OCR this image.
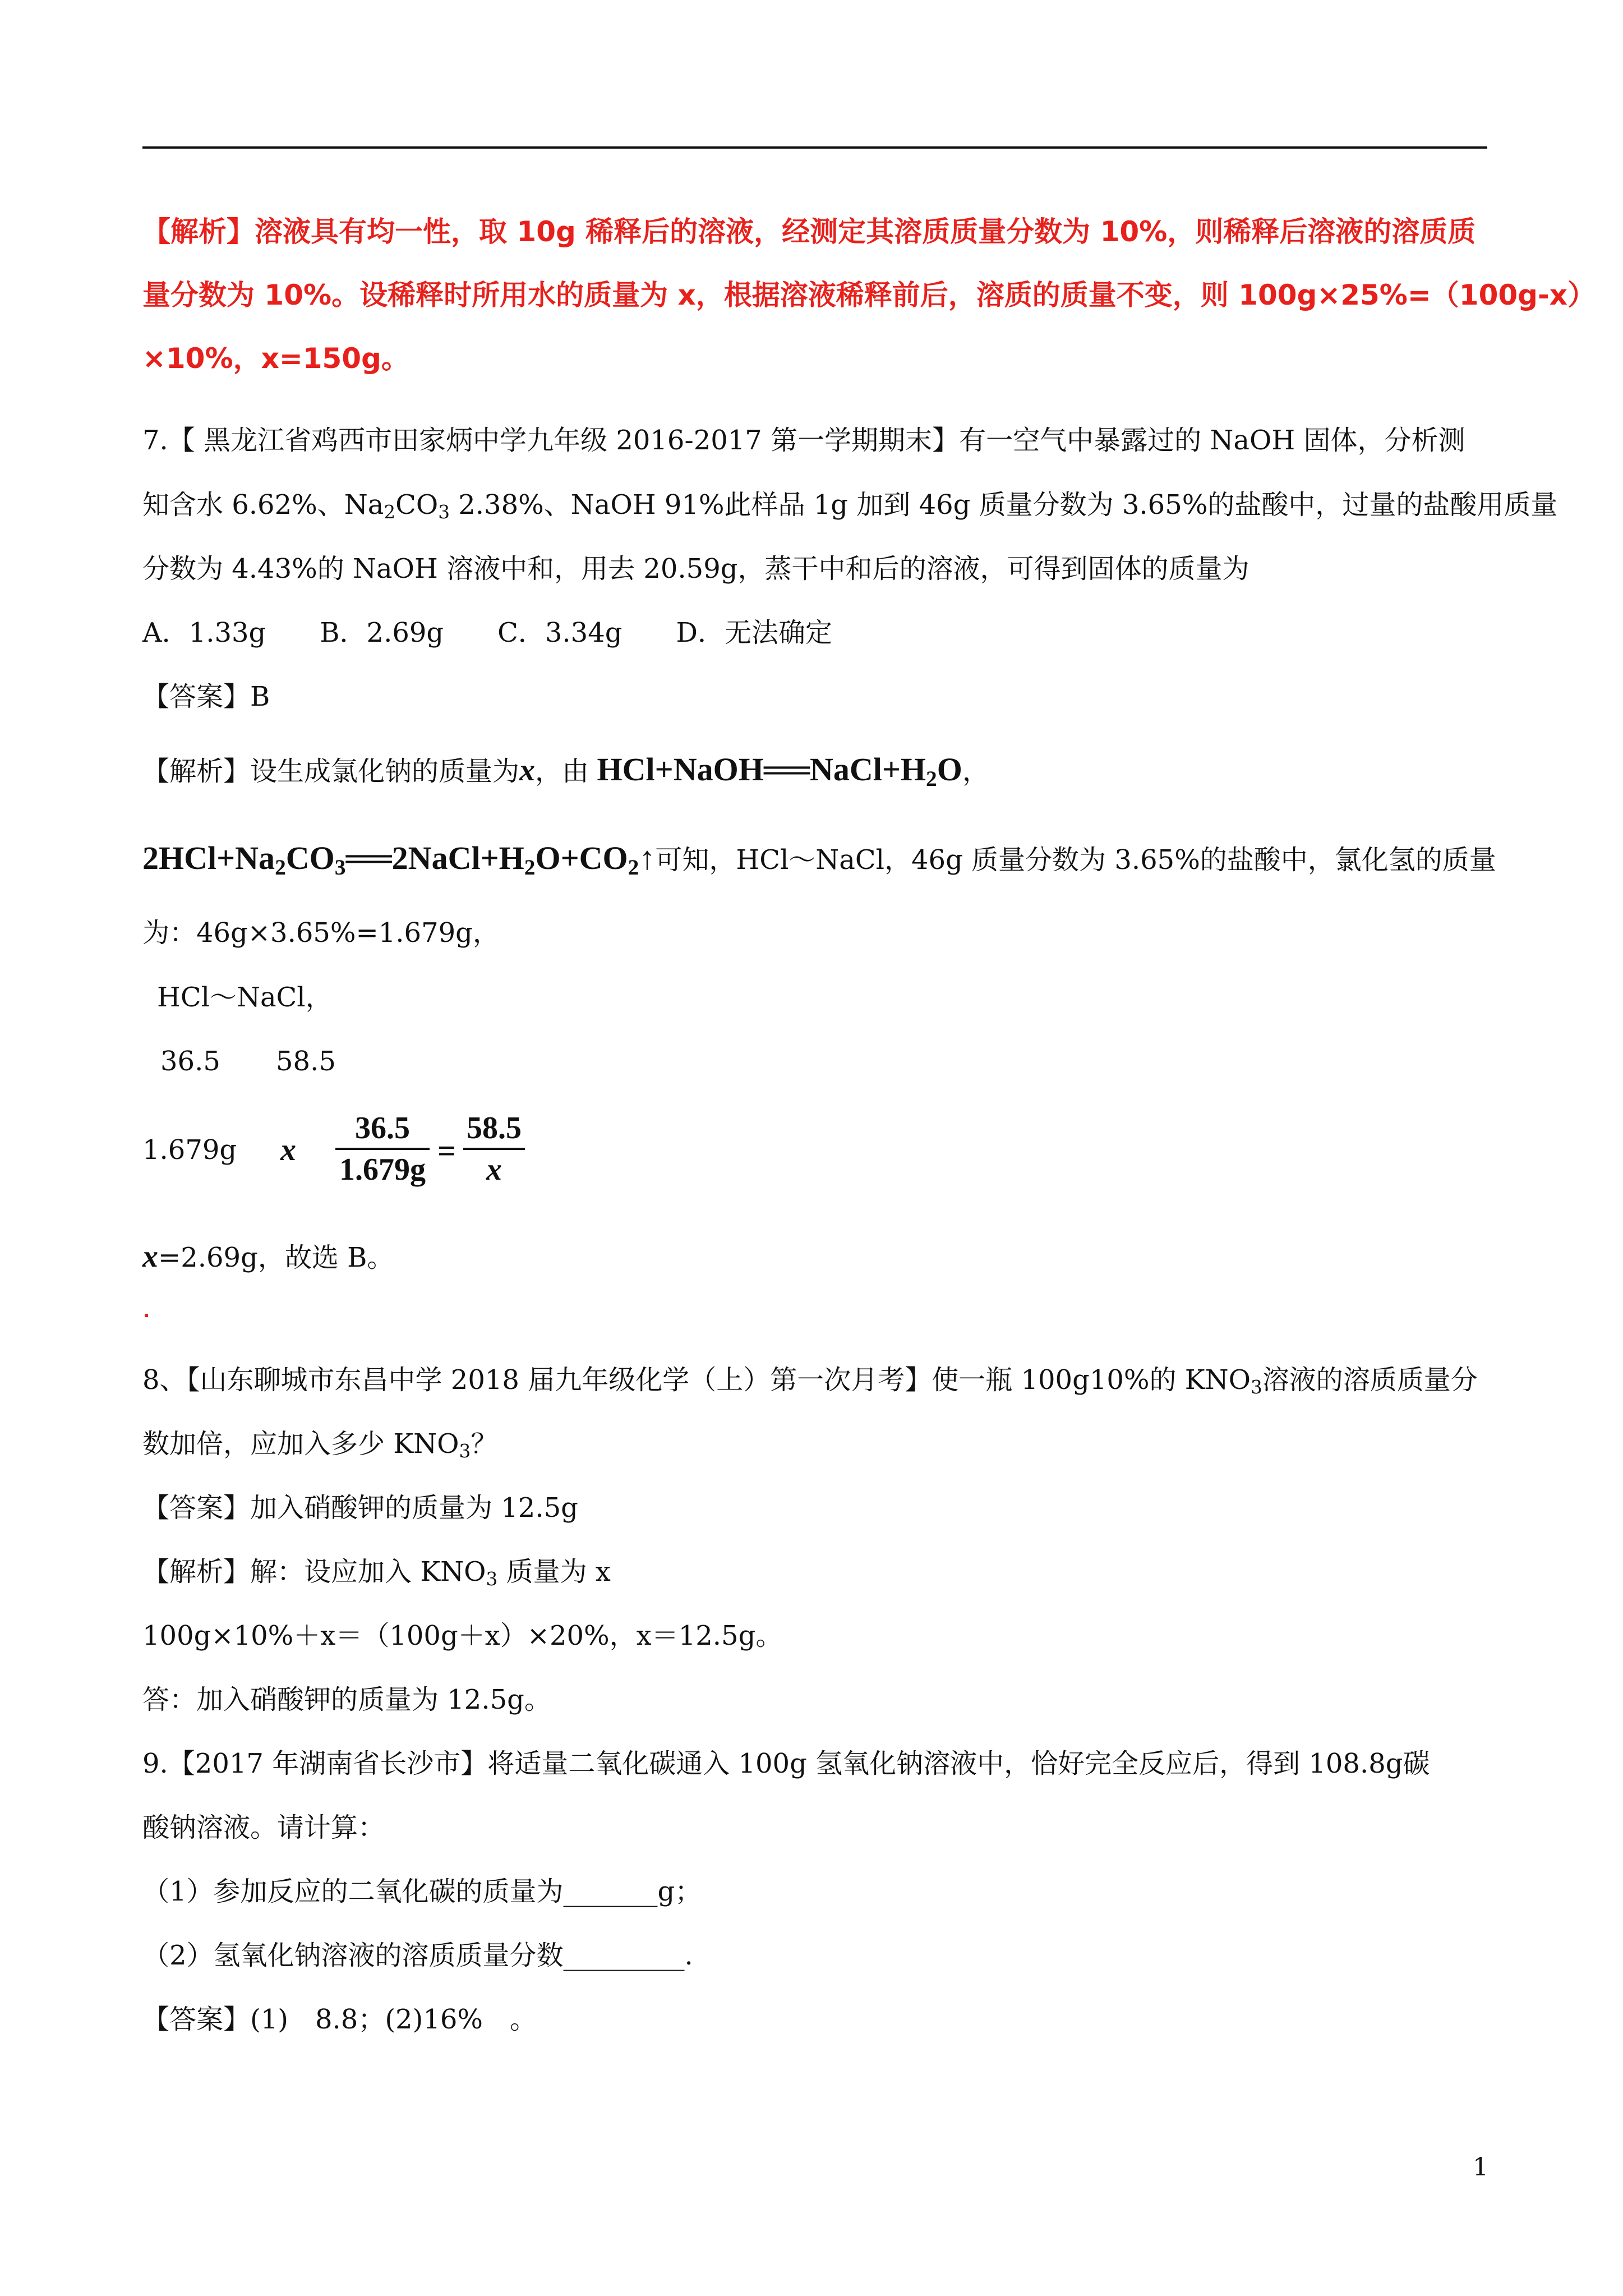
【解析】溶液具有均一性，取 10g 稀释后的溶液，经测定其溶质质量分数为 10%，则稀释后溶液的溶质质
量分数为 10%。设稀释时所用水的质量为 x，根据溶液稀释前后，溶质的质量不变，则 100g×25%=（100g-x）
×10%，x=150g。
7.【 黑龙江省鸡西市田家炳中学九年级 2016-2017 第一学期期末】有一空气中暴露过的 NaOH 固体，分析测
知含水 6.62%、$Na_2CO_3$ 2.38%、NaOH 91%此样品 1g 加到 46g 质量分数为 3.65%的盐酸中，过量的盐酸用质量
分数为 4.43%的 NaOH 溶液中和，用去 20.59g，蒸干中和后的溶液，可得到固体的质量为
A．1.33g　　B．2.69g　　C．3.34g　　D．无法确定
【答案】B
【解析】设生成氯化钠的质量为x，由 $HCl+NaOH══NaCl+H_2O$，
$2HCl+Na_2CO_3══2NaCl+H_2O+CO_2↑$可知，HCl～NaCl，46g 质量分数为 3.65%的盐酸中，氯化氢的质量
为：46g×3.65%=1.679g，
HCl～NaCl，
36.5 58.5
1.679g x
36.5
1.679g
=
58.5
x
x=2.69g，故选 B。
8、【山东聊城市东昌中学 2018 届九年级化学（上）第一次月考】使一瓶 100g10%的 $KNO_3$溶液的溶质质量分
数加倍，应加入多少 $KNO_3$？
【答案】加入硝酸钾的质量为 12.5g
【解析】解：设应加入 $KNO_3$ 质量为 x
100g×10%＋x＝（100g＋x）×20%，x＝12.5g。
答：加入硝酸钾的质量为 12.5g。
9.【2017 年湖南省长沙市】将适量二氧化碳通入 100g 氢氧化钠溶液中，恰好完全反应后，得到 108.8g碳
酸钠溶液。请计算：
（1）参加反应的二氧化碳的质量为_______g；
（2）氢氧化钠溶液的溶质质量分数_________.
【答案】(1)　8.8；(2)16%　。
1
